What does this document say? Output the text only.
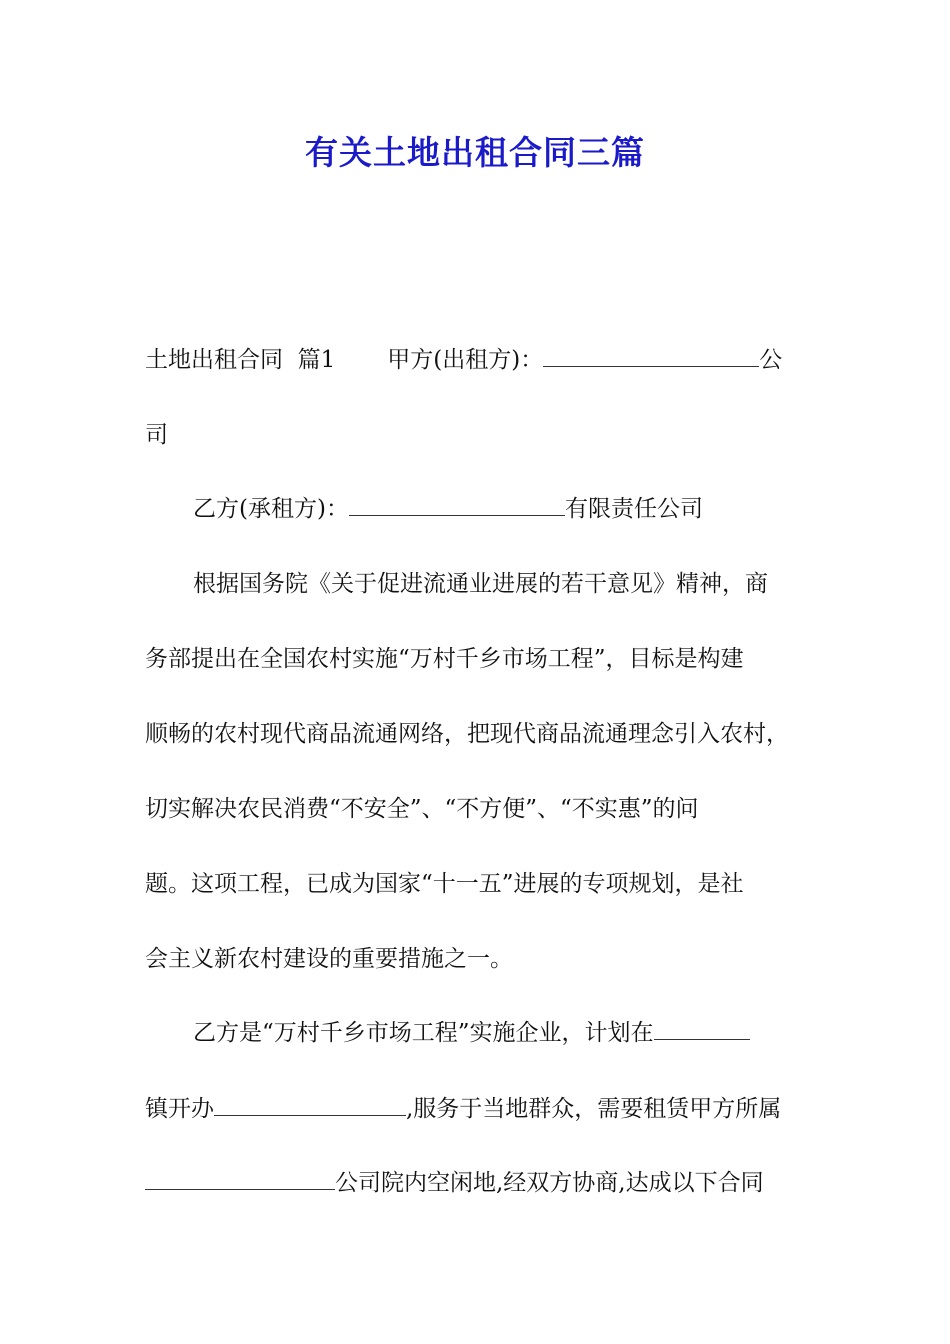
有关土地出租合同三篇
土地出租合同 篇1 甲方(出租方)：	公
司
乙方(承租方)：	有限责任公司
根据国务院《关于促进流通业进展的若干意见》精神，商
务部提出在全国农村实施“万村千乡市场工程”，目标是构建
顺畅的农村现代商品流通网络，把现代商品流通理念引入农村，
切实解决农民消费“不安全”、“不方便”、“不实惠”的问
题。这项工程，已成为国家“十一五”进展的专项规划，是社
会主义新农村建设的重要措施之一。
乙方是“万村千乡市场工程”实施企业，计划在
镇开办	,服务于当地群众，需要租赁甲方所属
公司院内空闲地,经双方协商,达成以下合同
